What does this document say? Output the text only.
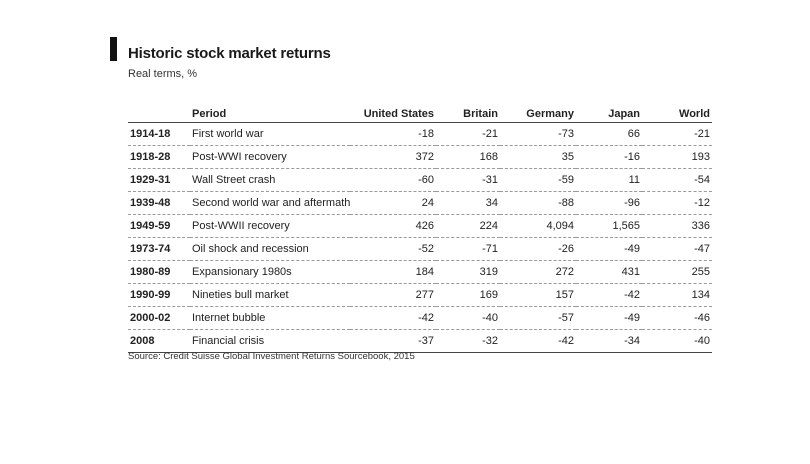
Historic stock market returns
Real terms, %
	Period	United States	Britain	Germany	Japan	World
1914-18	First world war	-18	-21	-73	66	-21
1918-28	Post-WWI recovery	372	168	35	-16	193
1929-31	Wall Street crash	-60	-31	-59	11	-54
1939-48	Second world war and aftermath	24	34	-88	-96	-12
1949-59	Post-WWII recovery	426	224	4,094	1,565	336
1973-74	Oil shock and recession	-52	-71	-26	-49	-47
1980-89	Expansionary 1980s	184	319	272	431	255
1990-99	Nineties bull market	277	169	157	-42	134
2000-02	Internet bubble	-42	-40	-57	-49	-46
2008	Financial crisis	-37	-32	-42	-34	-40
Source: Credit Suisse Global Investment Returns Sourcebook, 2015
